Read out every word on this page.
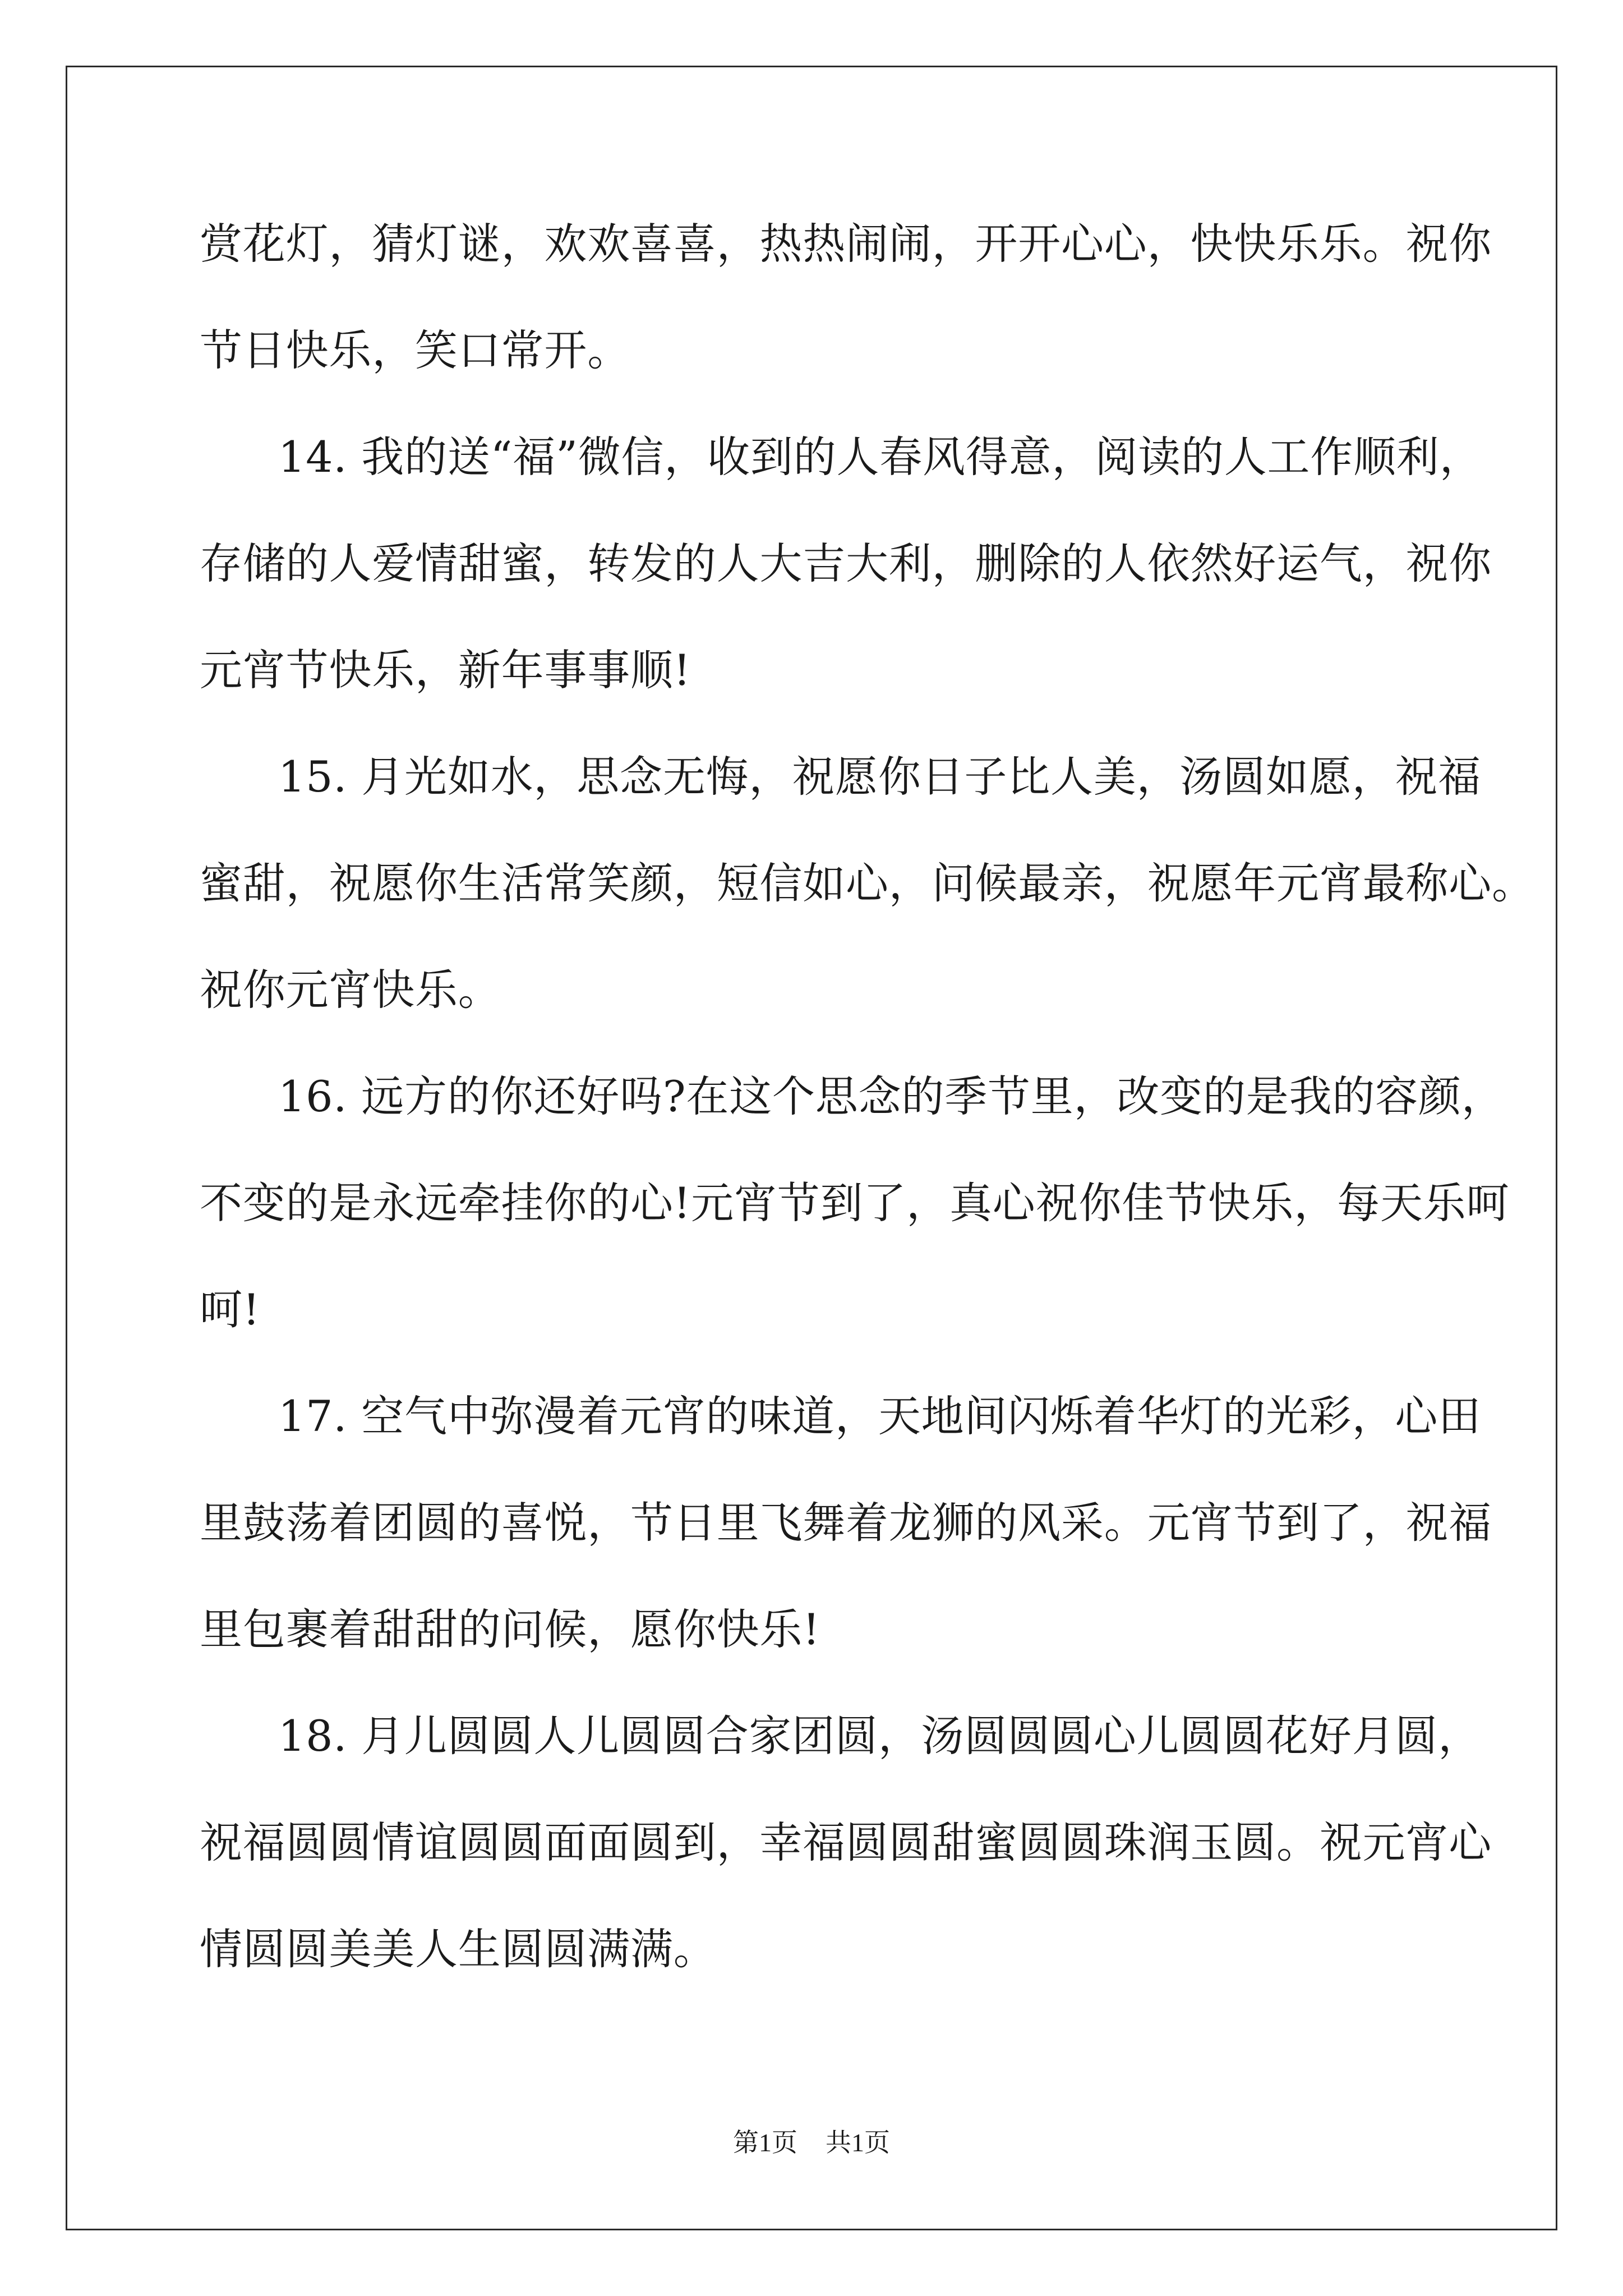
赏花灯，猜灯谜，欢欢喜喜，热热闹闹，开开心心，快快乐乐。祝你
节日快乐，笑口常开。
14. 我的送“福”微信，收到的人春风得意，阅读的人工作顺利，
存储的人爱情甜蜜，转发的人大吉大利，删除的人依然好运气，祝你
元宵节快乐，新年事事顺!
15. 月光如水，思念无悔，祝愿你日子比人美，汤圆如愿，祝福
蜜甜，祝愿你生活常笑颜，短信如心，问候最亲，祝愿年元宵最称心。
祝你元宵快乐。
16. 远方的你还好吗?在这个思念的季节里，改变的是我的容颜，
不变的是永远牵挂你的心!元宵节到了，真心祝你佳节快乐，每天乐呵
呵!
17. 空气中弥漫着元宵的味道，天地间闪烁着华灯的光彩，心田
里鼓荡着团圆的喜悦，节日里飞舞着龙狮的风采。元宵节到了，祝福
里包裹着甜甜的问候，愿你快乐!
18. 月儿圆圆人儿圆圆合家团圆，汤圆圆圆心儿圆圆花好月圆，
祝福圆圆情谊圆圆面面圆到，幸福圆圆甜蜜圆圆珠润玉圆。祝元宵心
情圆圆美美人生圆圆满满。
第1页 共1页
